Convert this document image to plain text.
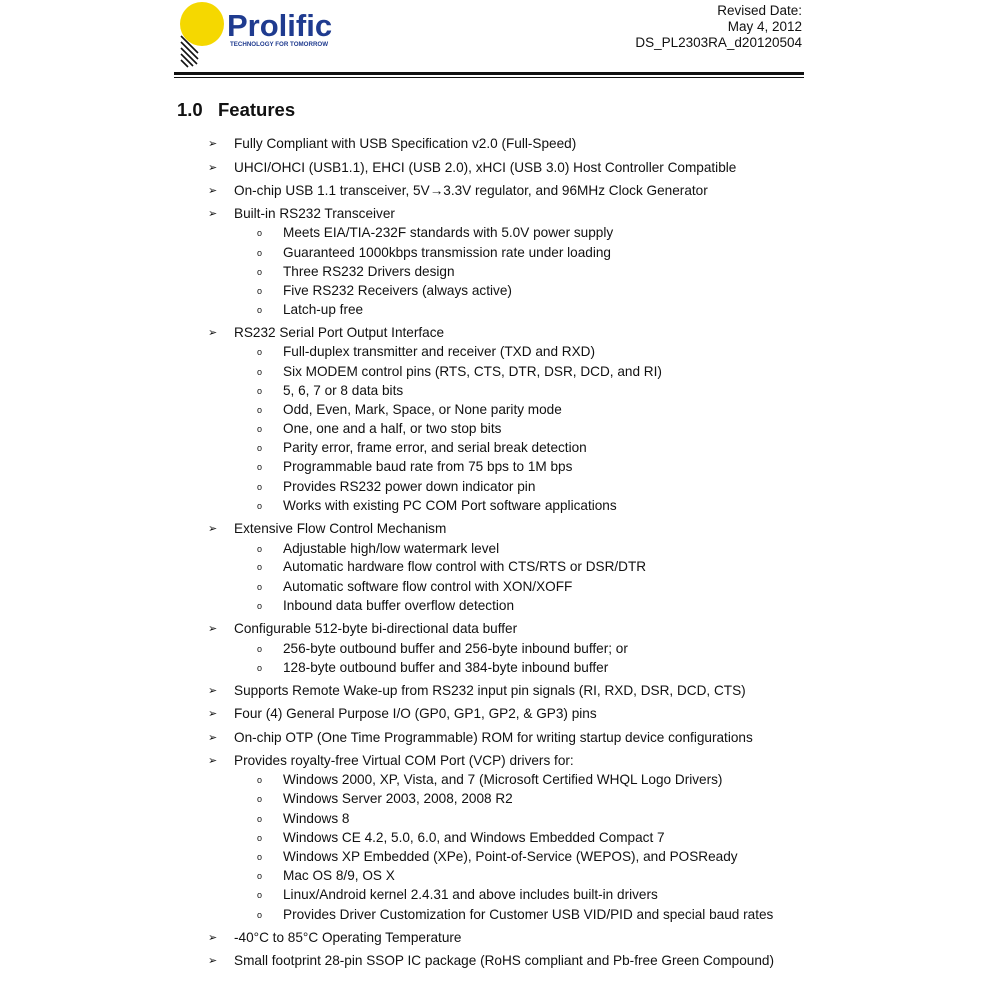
Prolific
TECHNOLOGY FOR TOMORROW
Revised Date:
May 4, 2012
DS_PL2303RA_d20120504
1.0 Features
➢ Fully Compliant with USB Specification v2.0 (Full-Speed)
➢ UHCI/OHCI (USB1.1), EHCI (USB 2.0), xHCI (USB 3.0) Host Controller Compatible
➢ On-chip USB 1.1 transceiver, 5V→3.3V regulator, and 96MHz Clock Generator
➢ Built-in RS232 Transceiver
o Meets EIA/TIA-232F standards with 5.0V power supply
o Guaranteed 1000kbps transmission rate under loading
o Three RS232 Drivers design
o Five RS232 Receivers (always active)
o Latch-up free
➢ RS232 Serial Port Output Interface
o Full-duplex transmitter and receiver (TXD and RXD)
o Six MODEM control pins (RTS, CTS, DTR, DSR, DCD, and RI)
o 5, 6, 7 or 8 data bits
o Odd, Even, Mark, Space, or None parity mode
o One, one and a half, or two stop bits
o Parity error, frame error, and serial break detection
o Programmable baud rate from 75 bps to 1M bps
o Provides RS232 power down indicator pin
o Works with existing PC COM Port software applications
➢ Extensive Flow Control Mechanism
o Adjustable high/low watermark level
o Automatic hardware flow control with CTS/RTS or DSR/DTR
o Automatic software flow control with XON/XOFF
o Inbound data buffer overflow detection
➢ Configurable 512-byte bi-directional data buffer
o 256-byte outbound buffer and 256-byte inbound buffer; or
o 128-byte outbound buffer and 384-byte inbound buffer
➢ Supports Remote Wake-up from RS232 input pin signals (RI, RXD, DSR, DCD, CTS)
➢ Four (4) General Purpose I/O (GP0, GP1, GP2, & GP3) pins
➢ On-chip OTP (One Time Programmable) ROM for writing startup device configurations
➢ Provides royalty-free Virtual COM Port (VCP) drivers for:
o Windows 2000, XP, Vista, and 7 (Microsoft Certified WHQL Logo Drivers)
o Windows Server 2003, 2008, 2008 R2
o Windows 8
o Windows CE 4.2, 5.0, 6.0, and Windows Embedded Compact 7
o Windows XP Embedded (XPe), Point-of-Service (WEPOS), and POSReady
o Mac OS 8/9, OS X
o Linux/Android kernel 2.4.31 and above includes built-in drivers
o Provides Driver Customization for Customer USB VID/PID and special baud rates
➢ -40°C to 85°C Operating Temperature
➢ Small footprint 28-pin SSOP IC package (RoHS compliant and Pb-free Green Compound)
